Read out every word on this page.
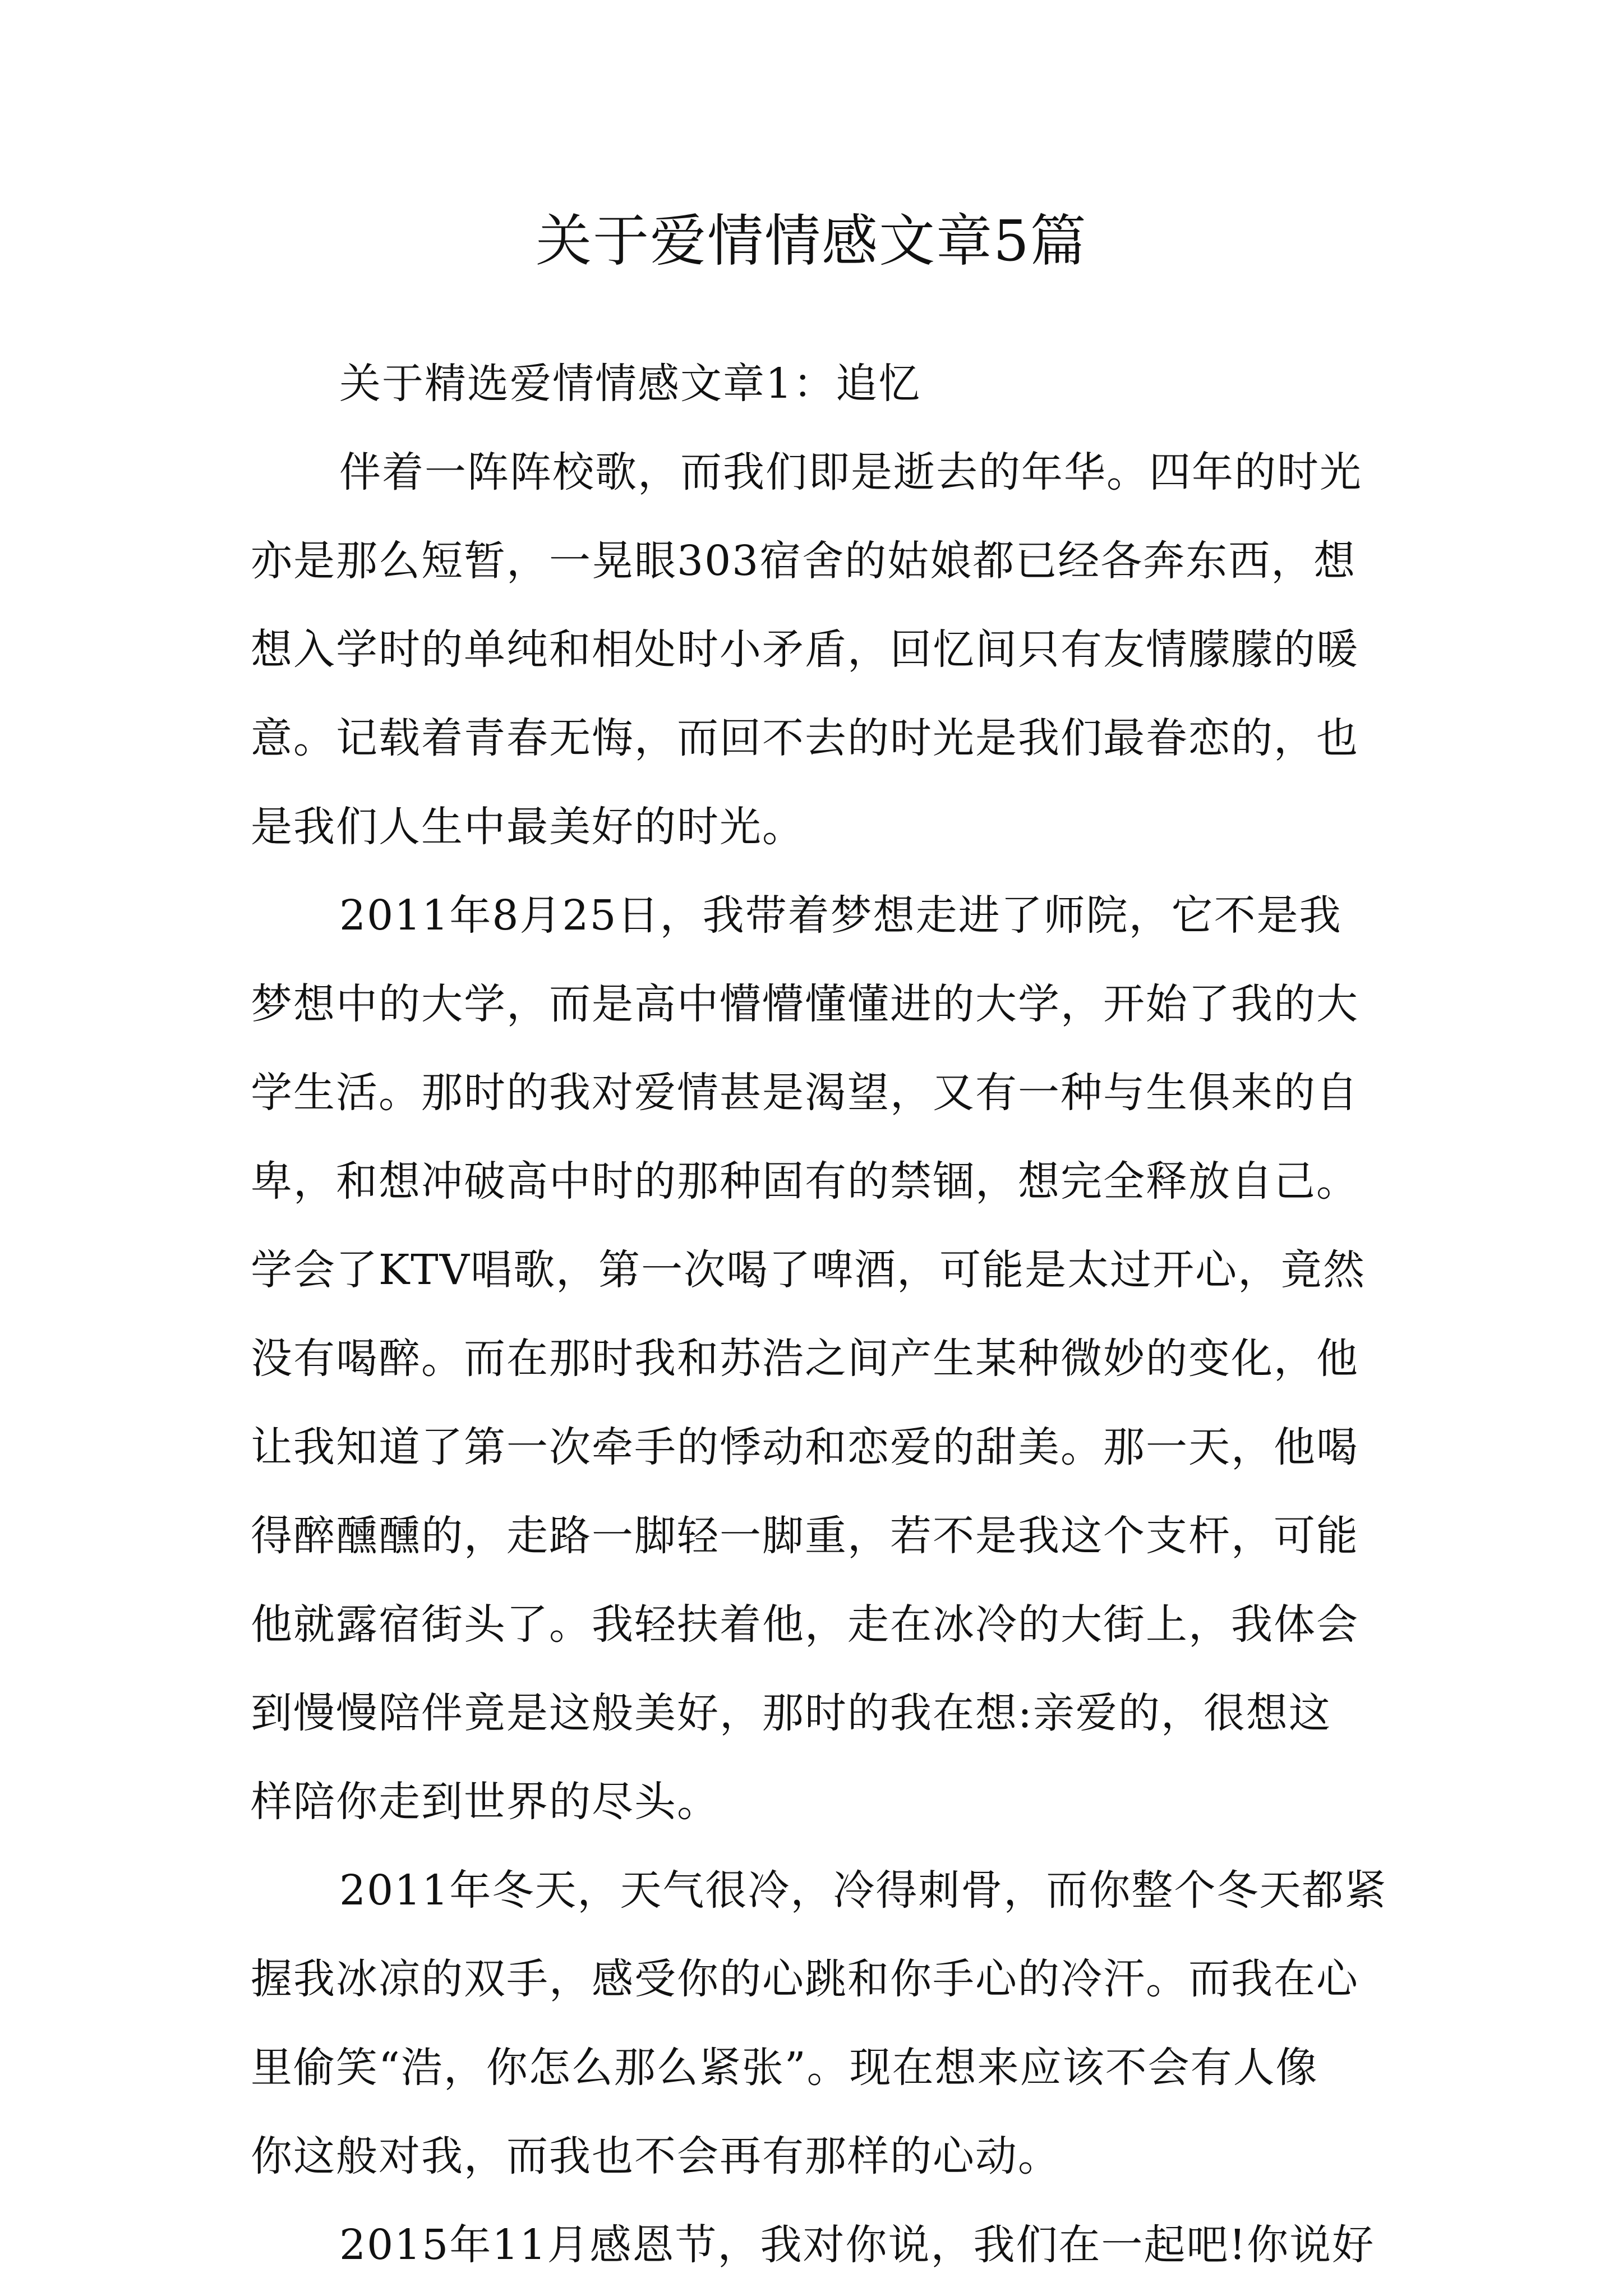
关于爱情情感文章5篇

关于精选爱情情感文章1：追忆

伴着一阵阵校歌，而我们即是逝去的年华。四年的时光

亦是那么短暂，一晃眼303宿舍的姑娘都已经各奔东西，想

想入学时的单纯和相处时小矛盾，回忆间只有友情朦朦的暖

意。记载着青春无悔，而回不去的时光是我们最眷恋的，也

是我们人生中最美好的时光。

2011年8月25日，我带着梦想走进了师院，它不是我

梦想中的大学，而是高中懵懵懂懂进的大学，开始了我的大

学生活。那时的我对爱情甚是渴望，又有一种与生俱来的自

卑，和想冲破高中时的那种固有的禁锢，想完全释放自己。

学会了KTV唱歌，第一次喝了啤酒，可能是太过开心，竟然

没有喝醉。而在那时我和苏浩之间产生某种微妙的变化，他

让我知道了第一次牵手的悸动和恋爱的甜美。那一天，他喝

得醉醺醺的，走路一脚轻一脚重，若不是我这个支杆，可能

他就露宿街头了。我轻扶着他，走在冰冷的大街上，我体会

到慢慢陪伴竟是这般美好，那时的我在想:亲爱的，很想这

样陪你走到世界的尽头。

2011年冬天，天气很冷，冷得刺骨，而你整个冬天都紧

握我冰凉的双手，感受你的心跳和你手心的冷汗。而我在心

里偷笑“浩，你怎么那么紧张”。现在想来应该不会有人像

你这般对我，而我也不会再有那样的心动。

2015年11月感恩节，我对你说，我们在一起吧!你说好
